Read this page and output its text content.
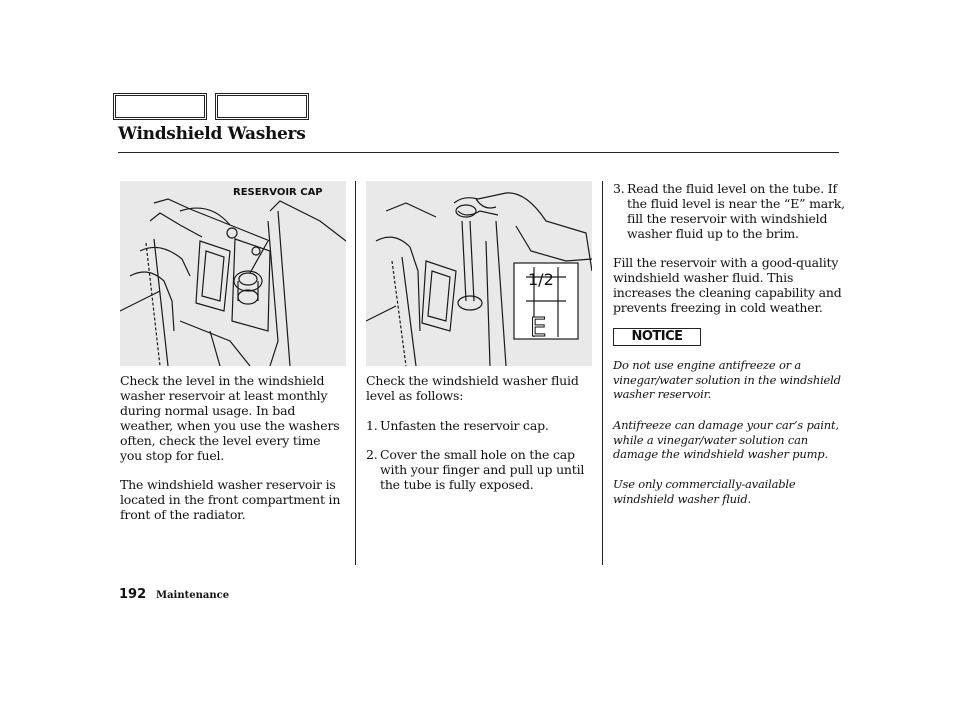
Windshield Washers
RESERVOIR CAP
1/2
E

Check the level in the windshield washer reservoir at least monthly during normal usage. In bad weather, when you use the washers often, check the level every time you stop for fuel.

The windshield washer reservoir is located in the front compartment in front of the radiator.

Check the windshield washer fluid level as follows:

1. Unfasten the reservoir cap.
2. Cover the small hole on the cap with your finger and pull up until the tube is fully exposed.
3. Read the fluid level on the tube. If the fluid level is near the “E” mark, fill the reservoir with windshield washer fluid up to the brim.

Fill the reservoir with a good-quality windshield washer fluid. This increases the cleaning capability and prevents freezing in cold weather.

NOTICE

Do not use engine antifreeze or a vinegar/water solution in the windshield washer reservoir.

Antifreeze can damage your car’s paint, while a vinegar/water solution can damage the windshield washer pump.

Use only commercially-available windshield washer fluid.

192 Maintenance
